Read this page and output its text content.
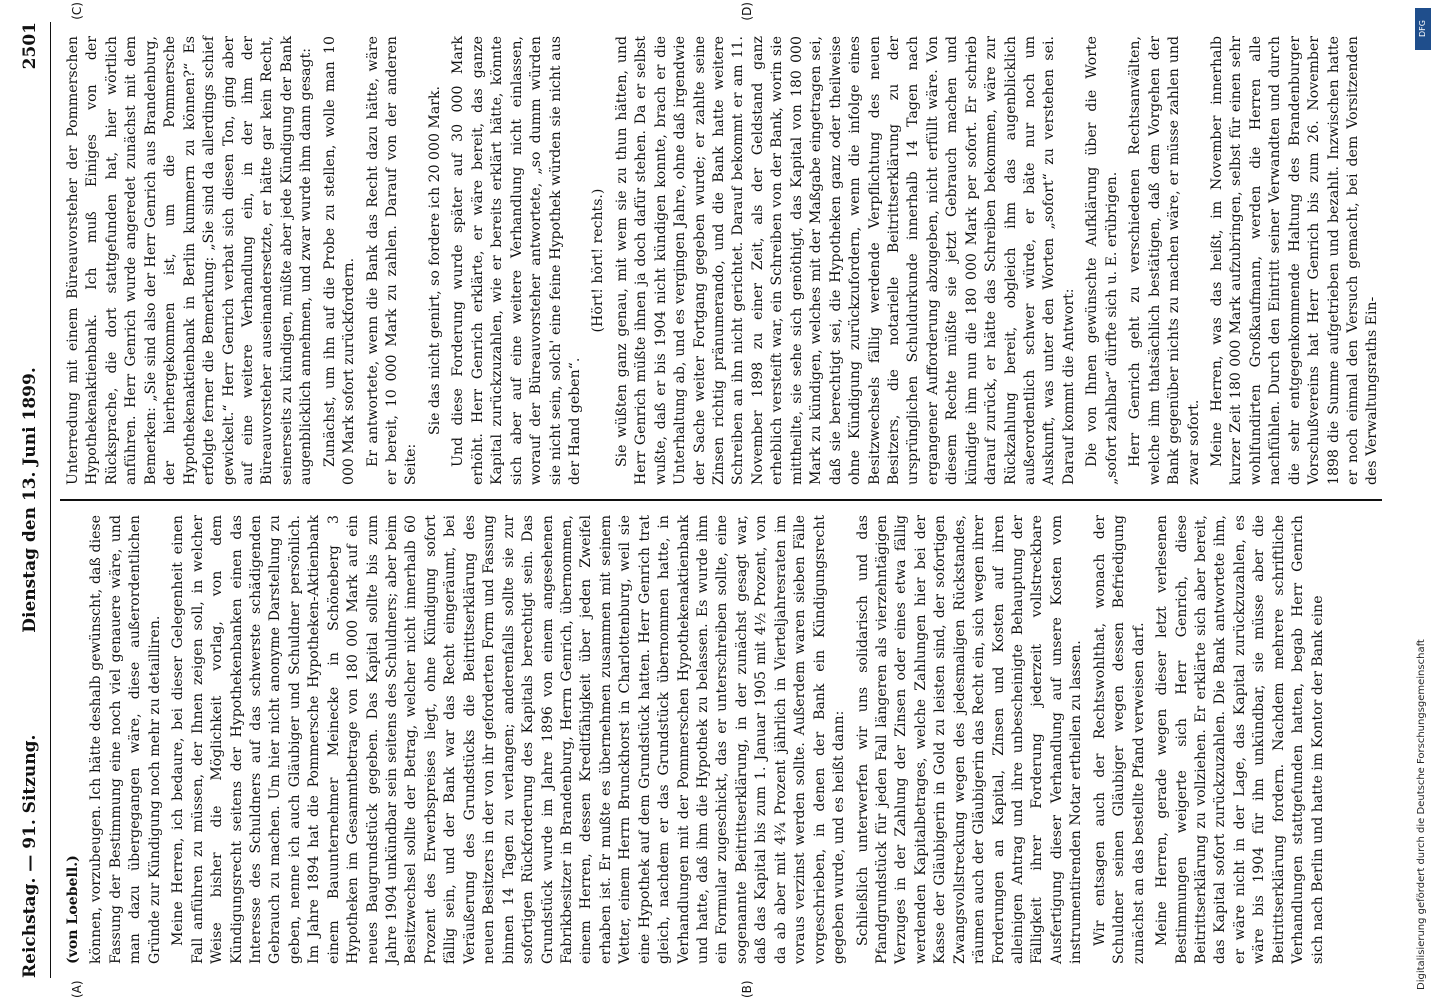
Reichstag. — 91. Sitzung.
Dienstag den 13. Juni 1899.
2501
(A)	(B)
(C)	(D)

(von Loebell.) können, vorzubeugen. Ich hätte deshalb gewünscht, daß diese Fassung der Bestimmung eine noch viel genauere wäre, und man dazu übergegangen wäre, diese außerordentlichen Gründe zur Kündigung noch mehr zu detailliren. Meine Herren, ich bedaure, bei dieser Gelegenheit einen Fall anführen zu müssen, der Ihnen zeigen soll, in welcher Weise bisher die Möglichkeit vorlag, von dem Kündigungsrecht seitens der Hypothekenbanken einen das Interesse des Schuldners auf das schwerste schädigenden Gebrauch zu machen. Um hier nicht anonyme Darstellung zu geben, nenne ich auch Gläubiger und Schuldner persönlich. Im Jahre 1894 hat die Pommersche Hypotheken-Aktienbank einem Bauunternehmer Meinecke in Schöneberg 3 Hypotheken im Gesammtbetrage von 180 000 Mark auf ein neues Baugrundstück gegeben. Das Kapital sollte bis zum Jahre 1904 unkündbar sein seitens des Schuldners; aber beim Besitzwechsel sollte der Betrag, welcher nicht innerhalb 60 Prozent des Erwerbspreises liegt, ohne Kündigung sofort fällig sein, und der Bank war das Recht eingeräumt, bei Veräußerung des Grundstücks die Beitrittserklärung des neuen Besitzers in der von ihr geforderten Form und Fassung binnen 14 Tagen zu verlangen; anderenfalls sollte sie zur sofortigen Rückforderung des Kapitals berechtigt sein. Das Grundstück wurde im Jahre 1896 von einem angesehenen Fabrikbesitzer in Brandenburg, Herrn Genrich, übernommen, einem Herren, dessen Kreditfähigkeit über jeden Zweifel erhaben ist. Er mußte es übernehmen zusammen mit seinem Vetter, einem Herrn Brunckhorst in Charlottenburg, weil sie eine Hypothek auf dem Grundstück hatten. Herr Genrich trat gleich, nachdem er das Grundstück übernommen hatte, in Verhandlungen mit der Pommerschen Hypothekenaktienbank und hatte, daß ihm die Hypothek zu belassen. Es wurde ihm ein Formular zugeschickt, das er unterschreiben sollte, eine sogenannte Beitrittserklärung, in der zunächst gesagt war, daß das Kapital bis zum 1. Januar 1905 mit 4½ Prozent, von da ab aber mit 4¾ Prozent jährlich in Vierteljahresraten im voraus verzinst werden sollte. Außerdem waren sieben Fälle vorgeschrieben, in denen der Bank ein Kündigungsrecht gegeben wurde, und es heißt dann: Schließlich unterwerfen wir uns solidarisch und das Pfandgrundstück für jeden Fall längeren als vierzehntägigen Verzuges in der Zahlung der Zinsen oder eines etwa fällig werdenden Kapitalbetrages, welche Zahlungen hier bei der Kasse der Gläubigerin in Gold zu leisten sind, der sofortigen Zwangsvollstreckung wegen des jedesmaligen Rückstandes, räumen auch der Gläubigerin das Recht ein, sich wegen ihrer Forderungen an Kapital, Zinsen und Kosten auf ihren alleinigen Antrag und ihre unbescheinigte Behauptung der Fälligkeit ihrer Forderung jederzeit vollstreckbare Ausfertigung dieser Verhandlung auf unsere Kosten vom instrumentirenden Notar ertheilen zu lassen. Wir entsagen auch der Rechtswohlthat, wonach der Schuldner seinen Gläubiger wegen dessen Befriedigung zunächst an das bestellte Pfand verweisen darf. Meine Herren, gerade wegen dieser letzt verlesenen Bestimmungen weigerte sich Herr Genrich, diese Beitrittserklärung zu vollziehen. Er erklärte sich aber bereit, das Kapital sofort zurückzuzahlen. Die Bank antwortete ihm, er wäre nicht in der Lage, das Kapital zurückzuzahlen, es wäre bis 1904 für ihn unkündbar, sie müsse aber die Beitrittserklärung fordern. Nachdem mehrere schriftliche Verhandlungen stattgefunden hatten, begab Herr Genrich sich nach Berlin und hatte im Kontor der Bank eine

Unterredung mit einem Büreauvorsteher der Pommerschen Hypothekenaktienbank. Ich muß Einiges von der Rücksprache, die dort stattgefunden hat, hier wörtlich anführen. Herr Genrich wurde angeredet zunächst mit dem Bemerken: „Sie sind also der Herr Genrich aus Brandenburg, der hierhergekommen ist, um die Pommersche Hypothekenaktienbank in Berlin kummern zu können?“ Es erfolgte ferner die Bemerkung: „Sie sind da allerdings schief gewickelt.“ Herr Genrich verbat sich diesen Ton, ging aber auf eine weitere Verhandlung ein, in der ihm der Büreauvorsteher auseinandersetzte, er hätte gar kein Recht, seinerseits zu kündigen, müßte aber jede Kündigung der Bank augenblicklich annehmen, und zwar wurde ihm dann gesagt: Zunächst, um ihn auf die Probe zu stellen, wolle man 10 000 Mark sofort zurückfordern. Er antwortete, wenn die Bank das Recht dazu hätte, wäre er bereit, 10 000 Mark zu zahlen. Darauf von der anderen Seite:

Sie das nicht genirt, so fordere ich 20 000 Mark. Und diese Forderung wurde später auf 30 000 Mark erhöht. Herr Genrich erklärte, er wäre bereit, das ganze Kapital zurückzuzahlen, wie er bereits erklärt hätte, könnte sich aber auf eine weitere Verhandlung nicht einlassen, worauf der Büreauvorsteher antwortete, „so dumm würden sie nicht sein, solch' eine feine Hypothek würden sie nicht aus der Hand geben“.

(Hört! hört! rechts.) Sie wüßten ganz genau, mit wem sie zu thun hätten, und Herr Genrich müßte ihnen ja doch dafür stehen. Da er selbst wußte, daß er bis 1904 nicht kündigen konnte, brach er die Unterhaltung ab, und es vergingen Jahre, ohne daß irgendwie der Sache weiter Fortgang gegeben wurde; er zahlte seine Zinsen richtig pränumerando, und die Bank hatte weitere Schreiben an ihn nicht gerichtet. Darauf bekommt er am 11. November 1898 zu einer Zeit, als der Geldstand ganz erheblich versteift war, ein Schreiben von der Bank, worin sie mittheilte, sie sehe sich genöthigt, das Kapital von 180 000 Mark zu kündigen, welches mit der Maßgabe eingetragen sei, daß sie berechtigt sei, die Hypotheken ganz oder theilweise ohne Kündigung zurückzufordern, wenn die infolge eines Besitzwechsels fällig werdende Verpflichtung des neuen Besitzers, die notarielle Beitrittserklärung zu der ursprünglichen Schuldurkunde innerhalb 14 Tagen nach ergangener Aufforderung abzugeben, nicht erfüllt wäre. Von diesem Rechte müßte sie jetzt Gebrauch machen und kündigte ihm nun die 180 000 Mark per sofort. Er schrieb darauf zurück, er hätte das Schreiben bekommen, wäre zur Rückzahlung bereit, obgleich ihm das augenblicklich außerordentlich schwer würde, er bäte nur noch um Auskunft, was unter den Worten „sofort“ zu verstehen sei. Darauf kommt die Antwort: Die von Ihnen gewünschte Aufklärung über die Worte „sofort zahlbar“ dürfte sich u. E. erübrigen. Herr Genrich geht zu verschiedenen Rechtsanwälten, welche ihm thatsächlich bestätigen, daß dem Vorgehen der Bank gegenüber nichts zu machen wäre, er müsse zahlen und zwar sofort. Meine Herren, was das heißt, im November innerhalb kurzer Zeit 180 000 Mark aufzubringen, selbst für einen sehr wohlfundirten Großkaufmann, werden die Herren alle nachfühlen. Durch den Eintritt seiner Verwandten und durch die sehr entgegenkommende Haltung des Brandenburger Vorschußvereins hat Herr Genrich bis zum 26. November 1898 die Summe aufgetrieben und bezahlt. Inzwischen hatte er noch einmal den Versuch gemacht, bei dem Vorsitzenden des Verwaltungsraths Ein-

DFG
Digitalisierung gefördert durch die Deutsche Forschungsgemeinschaft
